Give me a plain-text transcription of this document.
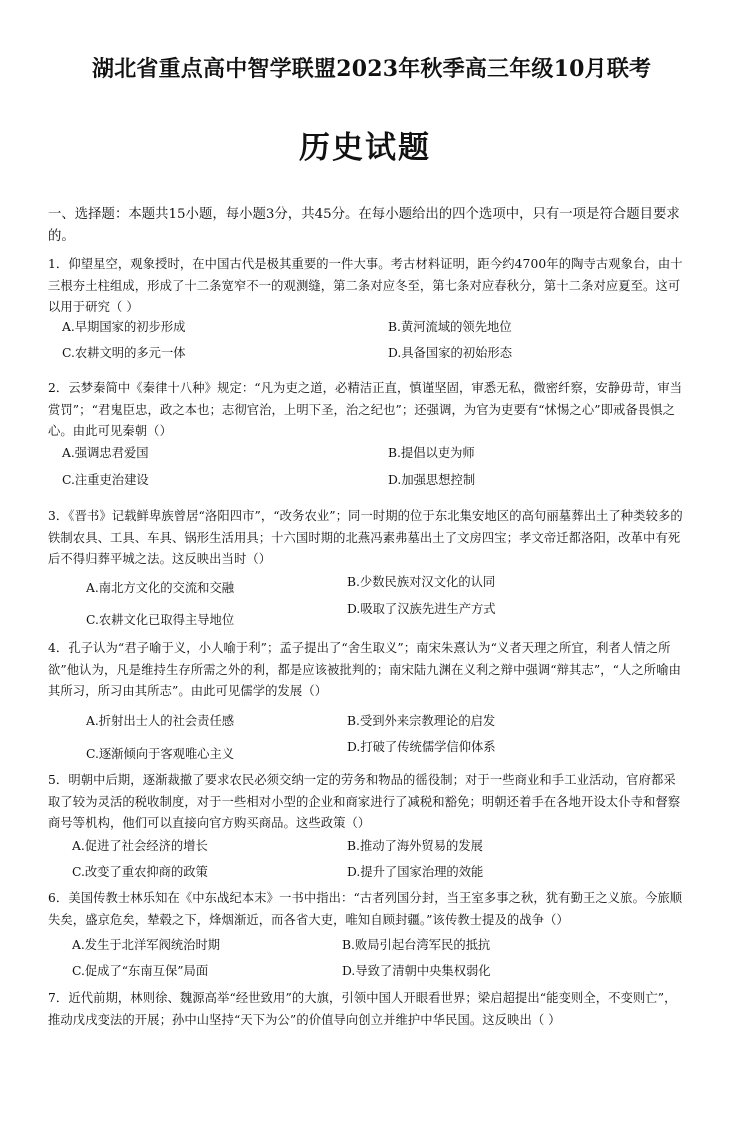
湖北省重点高中智学联盟2023年秋季高三年级10月联考
历史试题
一、选择题：本题共15小题，每小题3分，共45分。在每小题给出的四个选项中，只有一项是符合题目要求的。
1．仰望星空，观象授时，在中国古代是极其重要的一件大事。考古材料证明，距今约4700年的陶寺古观象台，由十三根夯土柱组成，形成了十二条宽窄不一的观测缝，第二条对应冬至，第七条对应春秋分，第十二条对应夏至。这可以用于研究（ ）
A.早期国家的初步形成	B.黄河流域的领先地位
C.农耕文明的多元一体	D.具备国家的初始形态
2．云梦秦简中《秦律十八种》规定：“凡为吏之道，必精洁正直，慎谨坚固，审悉无私，微密纤察，安静毋苛，审当赏罚”；“君鬼臣忠，政之本也；志彻官治，上明下圣，治之纪也”；还强调，为官为吏要有“怵惕之心”即戒备畏惧之心。由此可见秦朝（）
A.强调忠君爱国	B.提倡以吏为师
C.注重吏治建设	D.加强思想控制
3．《晋书》记载鲜卑族曾居“洛阳四市”，“改务农业”；同一时期的位于东北集安地区的高句丽墓葬出土了种类较多的铁制农具、工具、车具、锅形生活用具；十六国时期的北燕冯素弗墓出土了文房四宝；孝文帝迁都洛阳，改革中有死后不得归葬平城之法。这反映出当时（）
A.南北方文化的交流和交融	B.少数民族对汉文化的认同
C.农耕文化已取得主导地位
D.吸取了汉族先进生产方式
4．孔子认为“君子喻于义，小人喻于利”；孟子提出了“舍生取义”；南宋朱熹认为“义者天理之所宜，利者人情之所欲”他认为，凡是维持生存所需之外的利，都是应该被批判的；南宋陆九渊在义利之辩中强调“辩其志”，“人之所喻由其所习，所习由其所志”。由此可见儒学的发展（）
A.折射出士人的社会责任感	B.受到外来宗教理论的启发
C.逐渐倾向于客观唯心主义	D.打破了传统儒学信仰体系
5．明朝中后期，逐渐裁撤了要求农民必须交纳一定的劳务和物品的徭役制；对于一些商业和手工业活动，官府都采取了较为灵活的税收制度，对于一些相对小型的企业和商家进行了减税和豁免；明朝还着手在各地开设太仆寺和督察商号等机构，他们可以直接向官方购买商品。这些政策（）
A.促进了社会经济的增长	B.推动了海外贸易的发展
C.改变了重农抑商的政策	D.提升了国家治理的效能
6．美国传教士林乐知在《中东战纪本末》一书中指出：“古者列国分封，当王室多事之秋，犹有勤王之义旅。今旅顺失矣，盛京危矣，辇毂之下，烽烟渐近，而各省大吏，唯知自顾封疆。”该传教士提及的战争（）
A.发生于北洋军阀统治时期	B.败局引起台湾军民的抵抗
C.促成了“东南互保”局面	D.导致了清朝中央集权弱化
7．近代前期，林则徐、魏源高举“经世致用”的大旗，引领中国人开眼看世界；梁启超提出“能变则全，不变则亡”，推动戊戌变法的开展；孙中山坚持“天下为公”的价值导向创立并维护中华民国。这反映出（ ）
